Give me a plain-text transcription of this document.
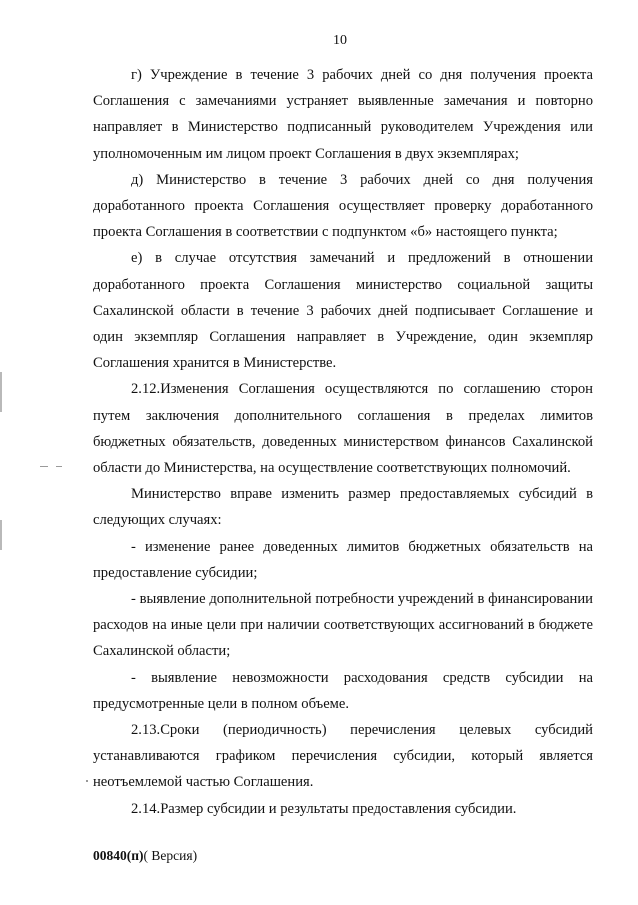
10

г) Учреждение в течение 3 рабочих дней со дня получения проекта Соглашения с замечаниями устраняет выявленные замечания и повторно направляет в Министерство подписанный руководителем Учреждения или уполномоченным им лицом проект Соглашения в двух экземплярах;

д) Министерство в течение 3 рабочих дней со дня получения доработанного проекта Соглашения осуществляет проверку доработанного проекта Соглашения в соответствии с подпунктом «б» настоящего пункта;

е) в случае отсутствия замечаний и предложений в отношении доработанного проекта Соглашения министерство социальной защиты Сахалинской области в течение 3 рабочих дней подписывает Соглашение и один экземпляр Соглашения направляет в Учреждение, один экземпляр Соглашения хранится в Министерстве.

2.12.Изменения Соглашения осуществляются по соглашению сторон путем заключения дополнительного соглашения в пределах лимитов бюджетных обязательств, доведенных министерством финансов Сахалинской области до Министерства, на осуществление соответствующих полномочий.

Министерство вправе изменить размер предоставляемых субсидий в следующих случаях:

- изменение ранее доведенных лимитов бюджетных обязательств на предоставление субсидии;

- выявление дополнительной потребности учреждений в финансировании расходов на иные цели при наличии соответствующих ассигнований в бюджете Сахалинской области;

- выявление невозможности расходования средств субсидии на предусмотренные цели в полном объеме.

2.13.Сроки (периодичность) перечисления целевых субсидий устанавливаются графиком перечисления субсидии, который является неотъемлемой частью Соглашения.

2.14.Размер субсидии и результаты предоставления субсидии.

00840(п)( Версия)
